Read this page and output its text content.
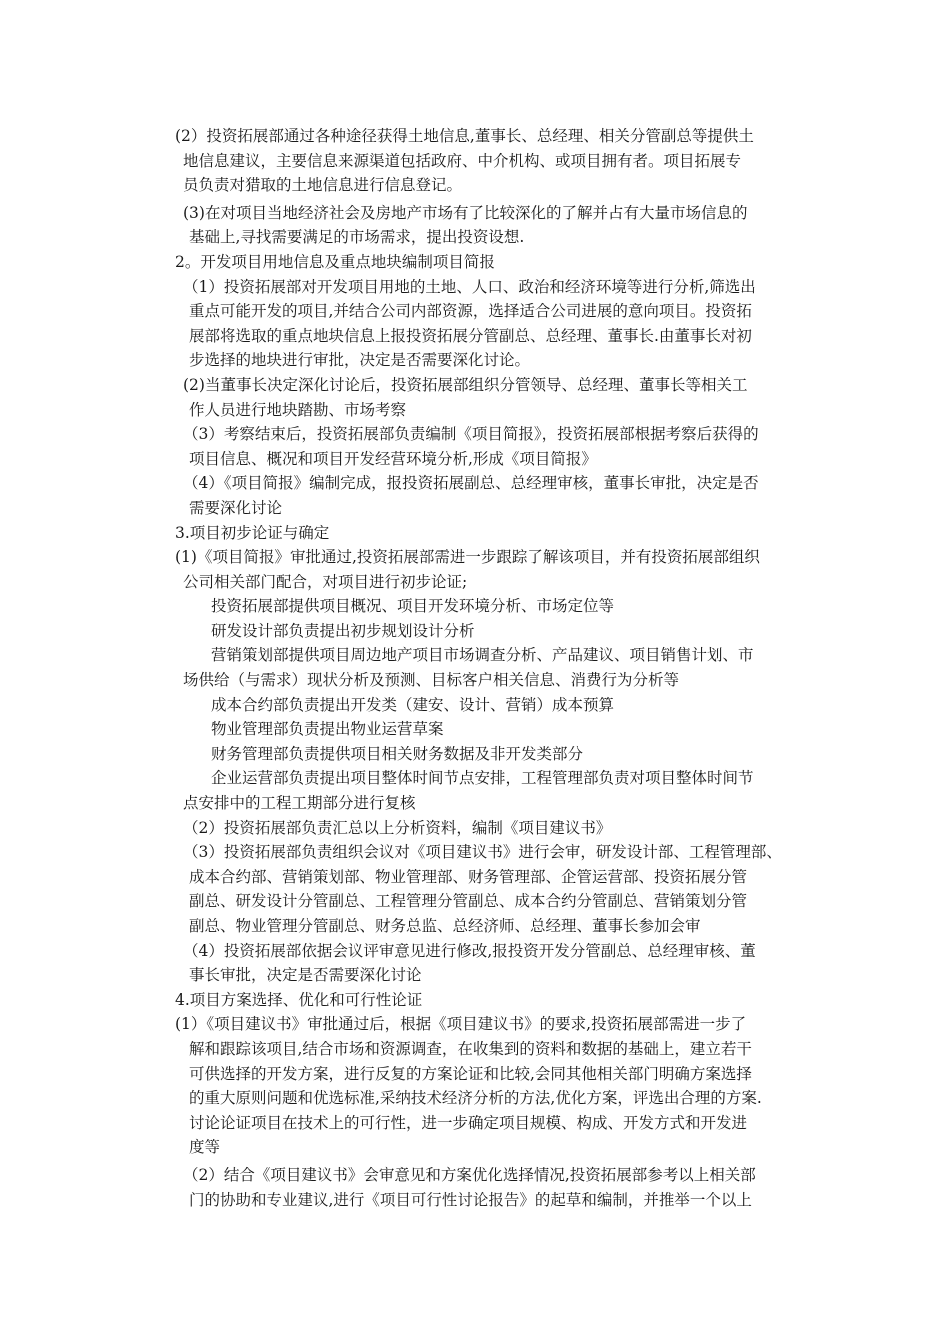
(2）投资拓展部通过各种途径获得土地信息,董事长、总经理、相关分管副总等提供土
地信息建议，主要信息来源渠道包括政府、中介机构、或项目拥有者。项目拓展专
员负责对猎取的土地信息进行信息登记。
(3)在对项目当地经济社会及房地产市场有了比较深化的了解并占有大量市场信息的
基础上,寻找需要满足的市场需求，提出投资设想.
2。开发项目用地信息及重点地块编制项目简报
（1）投资拓展部对开发项目用地的土地、人口、政治和经济环境等进行分析,筛选出
重点可能开发的项目,并结合公司内部资源，选择适合公司进展的意向项目。投资拓
展部将选取的重点地块信息上报投资拓展分管副总、总经理、董事长.由董事长对初
步选择的地块进行审批，决定是否需要深化讨论。
(2)当董事长决定深化讨论后，投资拓展部组织分管领导、总经理、董事长等相关工
作人员进行地块踏勘、市场考察
（3）考察结束后，投资拓展部负责编制《项目简报》，投资拓展部根据考察后获得的
项目信息、概况和项目开发经营环境分析,形成《项目简报》
（4）《项目简报》编制完成，报投资拓展副总、总经理审核，董事长审批，决定是否
需要深化讨论
3.项目初步论证与确定
(1)《项目简报》审批通过,投资拓展部需进一步跟踪了解该项目，并有投资拓展部组织
公司相关部门配合，对项目进行初步论证;
投资拓展部提供项目概况、项目开发环境分析、市场定位等
研发设计部负责提出初步规划设计分析
营销策划部提供项目周边地产项目市场调查分析、产品建议、项目销售计划、市
场供给（与需求）现状分析及预测、目标客户相关信息、消费行为分析等
成本合约部负责提出开发类（建安、设计、营销）成本预算
物业管理部负责提出物业运营草案
财务管理部负责提供项目相关财务数据及非开发类部分
企业运营部负责提出项目整体时间节点安排，工程管理部负责对项目整体时间节
点安排中的工程工期部分进行复核
（2）投资拓展部负责汇总以上分析资料，编制《项目建议书》
（3）投资拓展部负责组织会议对《项目建议书》进行会审，研发设计部、工程管理部、
成本合约部、营销策划部、物业管理部、财务管理部、企管运营部、投资拓展分管
副总、研发设计分管副总、工程管理分管副总、成本合约分管副总、营销策划分管
副总、物业管理分管副总、财务总监、总经济师、总经理、董事长参加会审
（4）投资拓展部依据会议评审意见进行修改,报投资开发分管副总、总经理审核、董
事长审批，决定是否需要深化讨论
4.项目方案选择、优化和可行性论证
(1）《项目建议书》审批通过后，根据《项目建议书》的要求,投资拓展部需进一步了
解和跟踪该项目,结合市场和资源调查，在收集到的资料和数据的基础上，建立若干
可供选择的开发方案，进行反复的方案论证和比较,会同其他相关部门明确方案选择
的重大原则问题和优选标准,采纳技术经济分析的方法,优化方案，评选出合理的方案.
讨论论证项目在技术上的可行性，进一步确定项目规模、构成、开发方式和开发进
度等
（2）结合《项目建议书》会审意见和方案优化选择情况,投资拓展部参考以上相关部
门的协助和专业建议,进行《项目可行性讨论报告》的起草和编制，并推举一个以上
